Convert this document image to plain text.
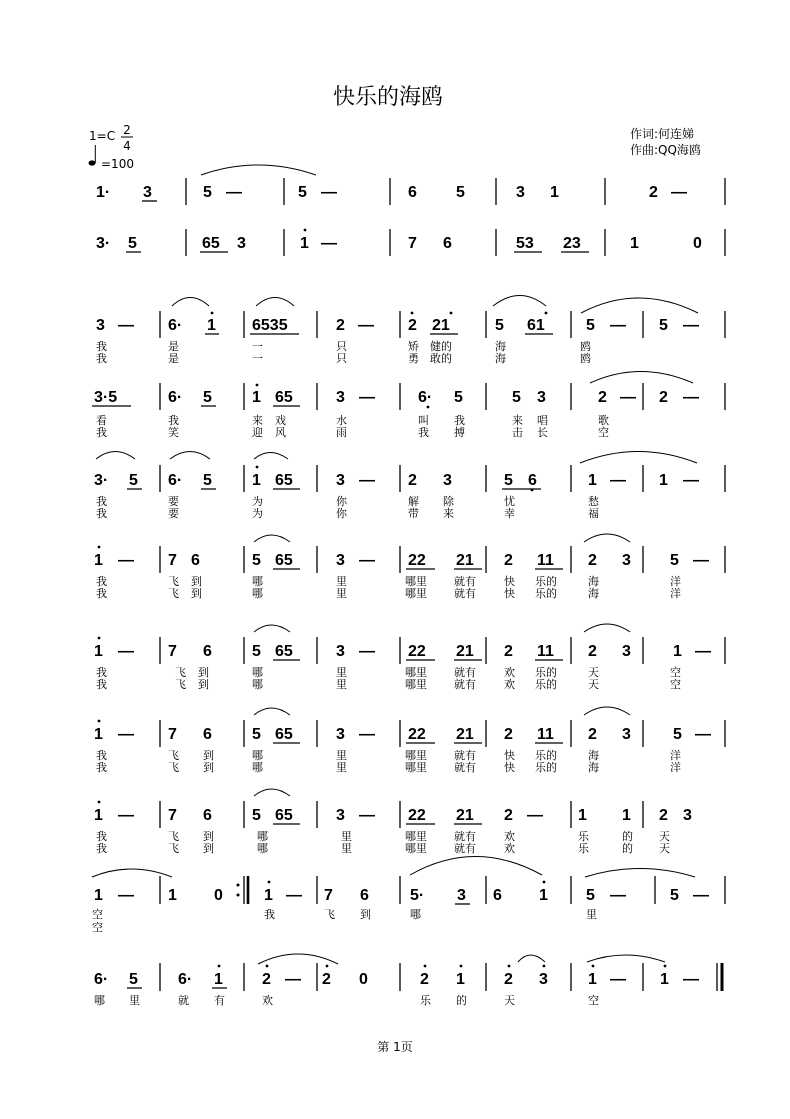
快乐的海鸥
1=C 2
4
=100
作词:何连娣
作曲:QQ海鸥
1· 3	5 —	5 —	6 5	3 1	2 —
3· 5	65 3	1 —	7 6	53 23	1	0
3 — 6· 1 6535	2 — 2 21	5 61	5 — 5 —
我	是	一	只	矫 健的	海	鸥
我	是	一	只	勇 敢的	海	鸥
3·5	6· 5	1 65	3 —	6· 5	5 3	2 — 2 —
看	我	来 戏	水	叫 我	来 唱	歌
我	笑	迎 风	雨	我 搏	击 长	空
3· 5 6· 5	1 65	3 — 2 3	5 6	1 — 1 —
我	要	为	你	解 除	忧	愁
我	要	为	你	带 来	幸	福
1 — 7 6	5 65	3 — 22 21 2 11 2 3 5 —
我	飞 到	哪	里	哪里 就有	快 乐的	海	洋
我	飞 到	哪	里	哪里 就有	快 乐的	海	洋
1 — 7 6	5 65	3 — 22 21 2 11 2 3	1 —
我	飞 到	哪	里	哪里 就有	欢 乐的	天	空
我	飞 到	哪	里	哪里 就有	欢 乐的	天	空
1 — 7 6	5 65	3 — 22 21 2 11 2 3	5 —
我	飞 到	哪	里	哪里 就有	快 乐的	海	洋
我	飞 到	哪	里	哪里 就有	快 乐的	海	洋
1 — 7 6	5 65	3 — 22 21 2 — 1 1 2 3
我	飞 到	哪	里	哪里 就有	欢	乐	的 天
我	飞 到	哪	里	哪里 就有	欢	乐	的 天
1 — 1 0	1 — 7 6	5· 3 6 1 5 —	5 —
空	我	飞 到	哪	里
空
6· 5	6· 1 2 — 2 0	2 1 2 3	1 — 1 —
哪 里	就 有	欢	乐 的	天	空
第 1页
